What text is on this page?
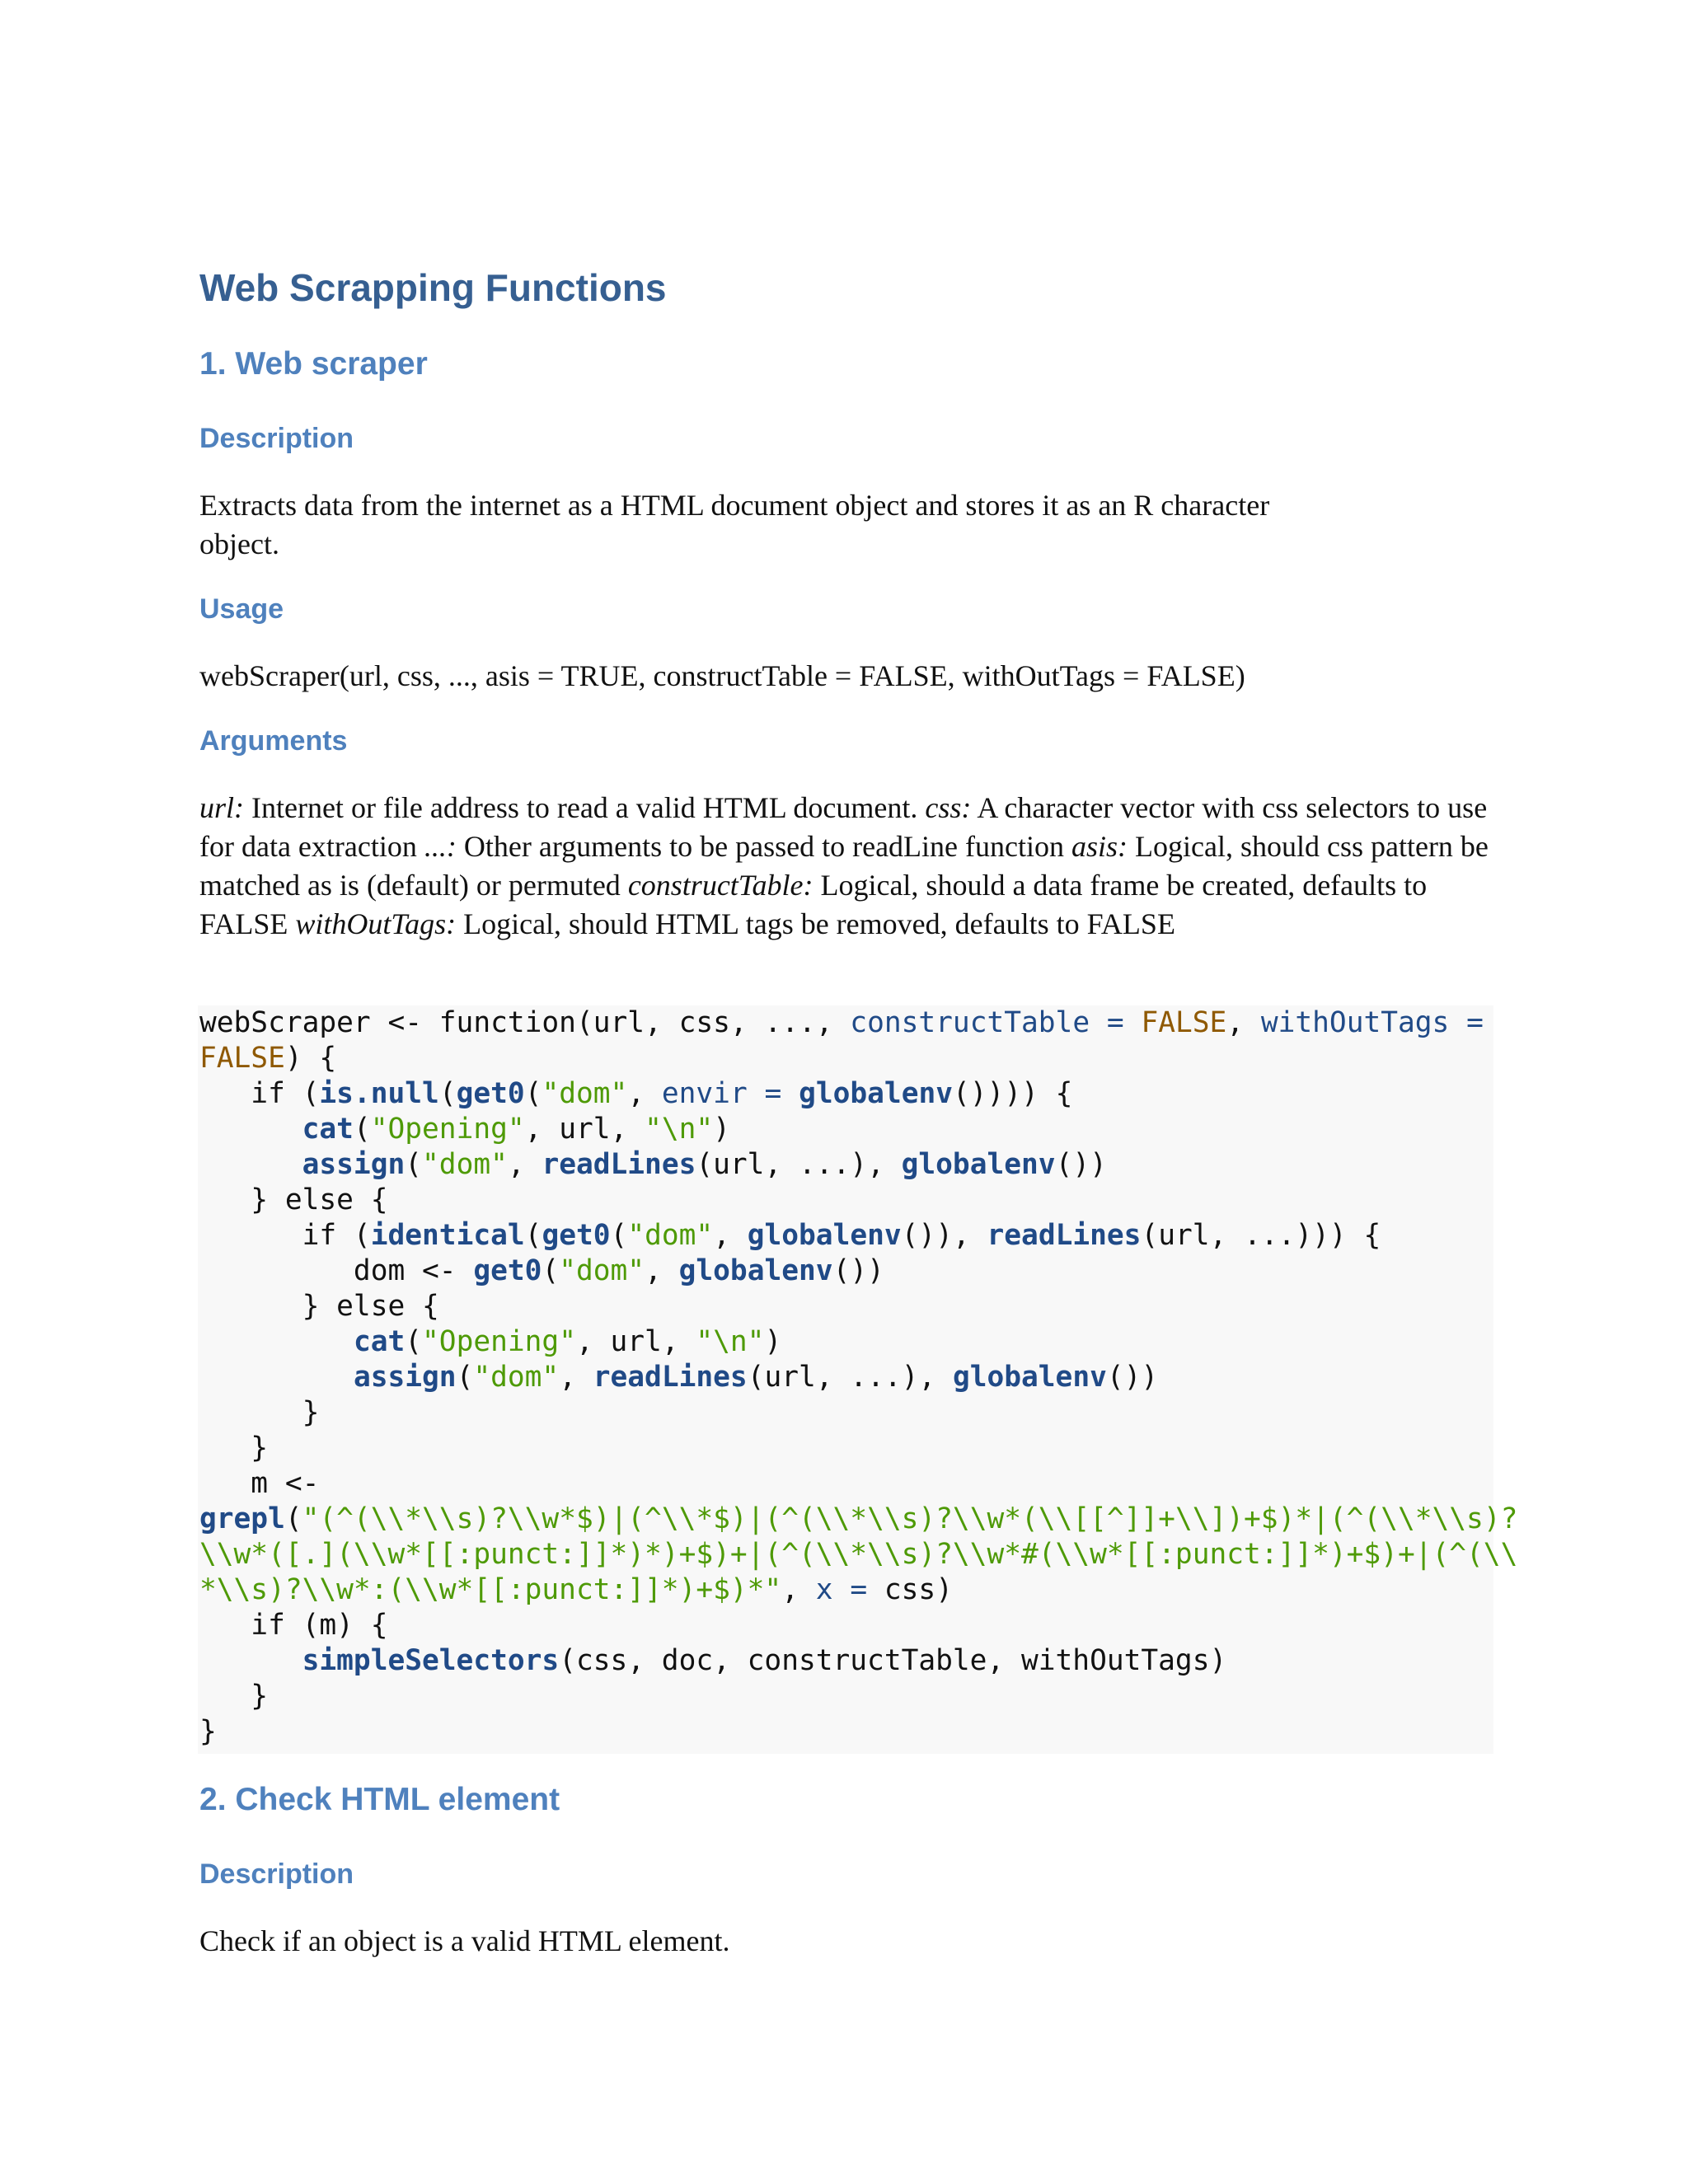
Web Scrapping Functions
1. Web scraper
Description

Extracts data from the internet as a HTML document object and stores it as an R character
object.

Usage

webScraper(url, css, ..., asis = TRUE, constructTable = FALSE, withOutTags = FALSE)

Arguments

url: Internet or file address to read a valid HTML document. css: A character vector with css selectors to use for data extraction ...: Other arguments to be passed to readLine function asis: Logical, should css pattern be matched as is (default) or permuted constructTable: Logical, should a data frame be created, defaults to FALSE withOutTags: Logical, should HTML tags be removed, defaults to FALSE

webScraper <- function(url, css, ..., constructTable = FALSE, withOutTags =
FALSE) {
if (is.null(get0("dom", envir = globalenv()))) {
cat("Opening", url, "\n")
assign("dom", readLines(url, ...), globalenv())
} else {
if (identical(get0("dom", globalenv()), readLines(url, ...))) {
dom <- get0("dom", globalenv())
} else {
cat("Opening", url, "\n")
assign("dom", readLines(url, ...), globalenv())
}
}
m <-
grepl("(^(\\*\\s)?\\w*$)|(^\\*$)|(^(\\*\\s)?\\w*(\\[[^]]+\\])+$)*|(^(\\*\\s)?
\\w*([.](\\w*[[:punct:]]*)*)+$)+|(^(\\*\\s)?\\w*#(\\w*[[:punct:]]*)+$)+|(^(\\
*\\s)?\\w*:(\\w*[[:punct:]]*)+$)*", x = css)
if (m) {
simpleSelectors(css, doc, constructTable, withOutTags)
}
}
2. Check HTML element
Description

Check if an object is a valid HTML element.
